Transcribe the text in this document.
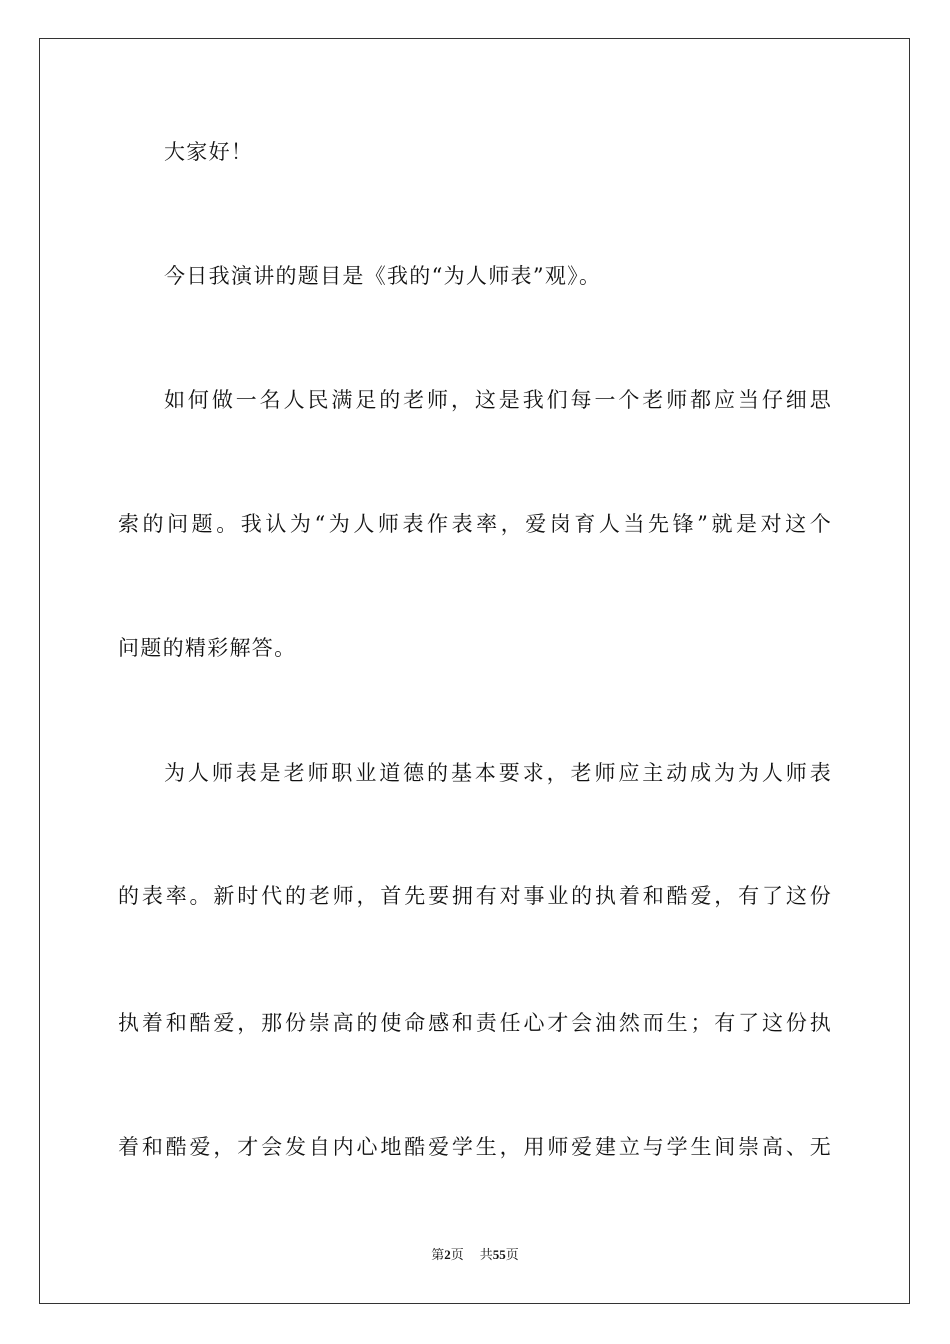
大家好！
今日我演讲的题目是《我的“为人师表”观》。
如何做一名人民满足的老师，这是我们每一个老师都应当仔细思
索的问题。我认为“为人师表作表率，爱岗育人当先锋”就是对这个
问题的精彩解答。
为人师表是老师职业道德的基本要求，老师应主动成为为人师表
的表率。新时代的老师，首先要拥有对事业的执着和酷爱，有了这份
执着和酷爱，那份崇高的使命感和责任心才会油然而生；有了这份执
着和酷爱，才会发自内心地酷爱学生，用师爱建立与学生间崇高、无
第2页 共55页
